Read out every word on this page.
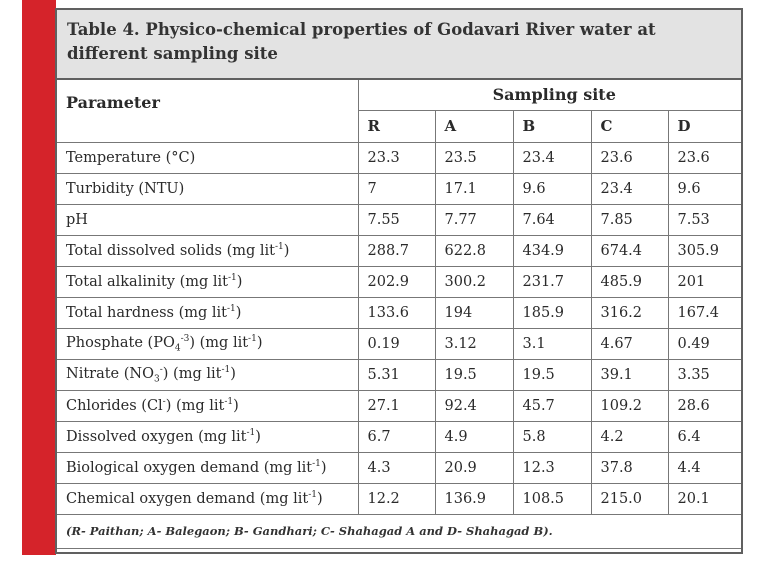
Table 4. Physico-chemical properties of Godavari River water at different sampling site
Parameter	Sampling site				
	R	A	B	C	D
Temperature (°C)	23.3	23.5	23.4	23.6	23.6
Turbidity (NTU)	7	17.1	9.6	23.4	9.6
pH	7.55	7.77	7.64	7.85	7.53
Total dissolved solids (mg lit$^{-1}$)	288.7	622.8	434.9	674.4	305.9
Total alkalinity (mg lit$^{-1}$)	202.9	300.2	231.7	485.9	201
Total hardness (mg lit$^{-1}$)	133.6	194	185.9	316.2	167.4
Phosphate $(PO_4^{-3})$ (mg lit$^{-1}$)	0.19	3.12	3.1	4.67	0.49
Nitrate $(NO_3^-)$ (mg lit$^{-1}$)	5.31	19.5	19.5	39.1	3.35
Chlorides (Cl-) (mg lit$^{-1}$)	27.1	92.4	45.7	109.2	28.6
Dissolved oxygen (mg lit$^{-1}$)	6.7	4.9	5.8	4.2	6.4
Biological oxygen demand (mg lit$^{-1}$)	4.3	20.9	12.3	37.8	4.4
Chemical oxygen demand (mg lit$^{-1}$)	12.2	136.9	108.5	215.0	20.1
(R- Paithan; A- Balegaon; B- Gandhari; C- Shahagad A and D- Shahagad B).					
